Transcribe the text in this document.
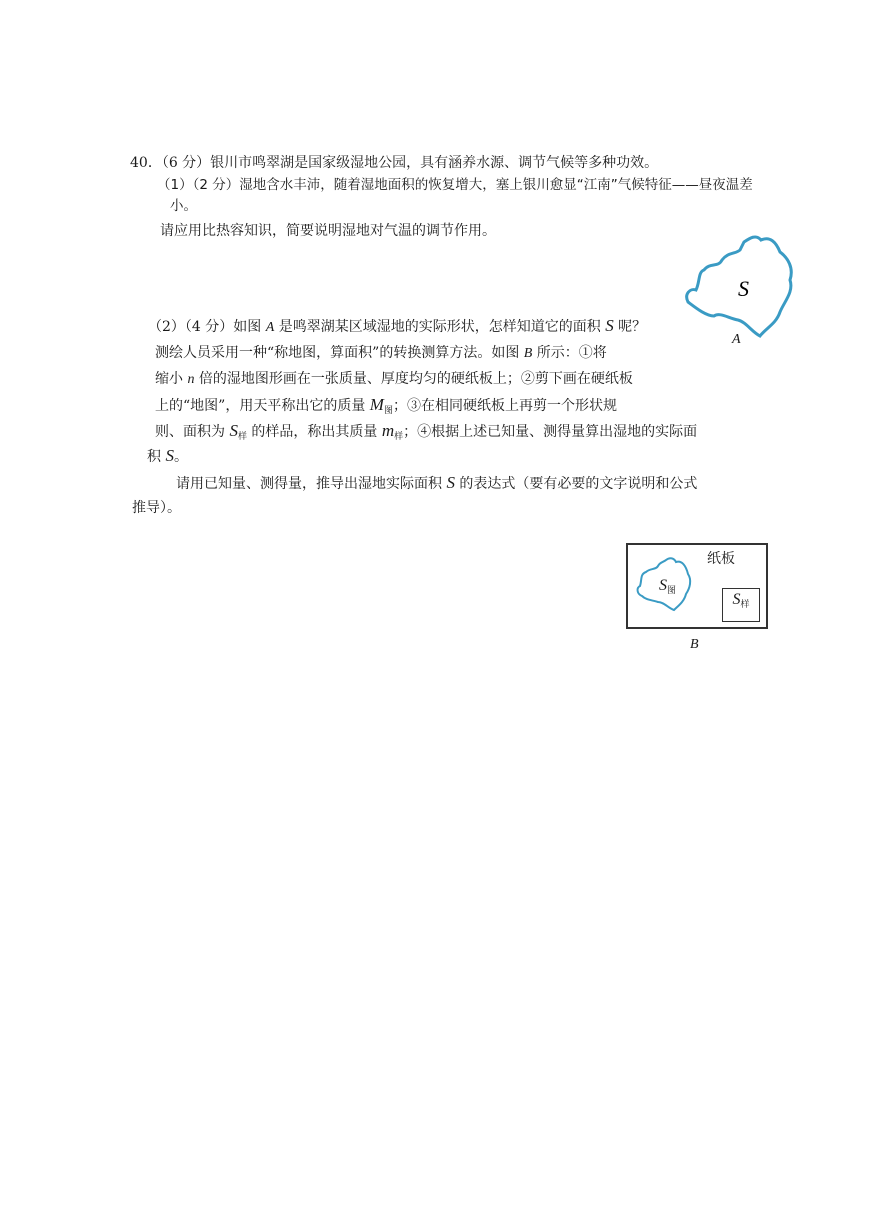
40．（6 分）银川市鸣翠湖是国家级湿地公园，具有涵养水源、调节气候等多种功效。
（1）（2 分）湿地含水丰沛，随着湿地面积的恢复增大，塞上银川愈显“江南”气候特征——昼夜温差
小。
请应用比热容知识，简要说明湿地对气温的调节作用。
S
A
（2）（4 分）如图 A 是鸣翠湖某区域湿地的实际形状，怎样知道它的面积 S 呢？
测绘人员采用一种“称地图，算面积”的转换测算方法。如图 B 所示：①将
缩小 n 倍的湿地图形画在一张质量、厚度均匀的硬纸板上；②剪下画在硬纸板
上的“地图”，用天平称出它的质量 $M_图$；③在相同硬纸板上再剪一个形状规
则、面积为 $S_样$ 的样品，称出其质量 $m_样$；④根据上述已知量、测得量算出湿地的实际面
积 S。
请用已知量、测得量，推导出湿地实际面积 S 的表达式（要有必要的文字说明和公式
推导）。
纸板
$S_图$	$S_样$
B
